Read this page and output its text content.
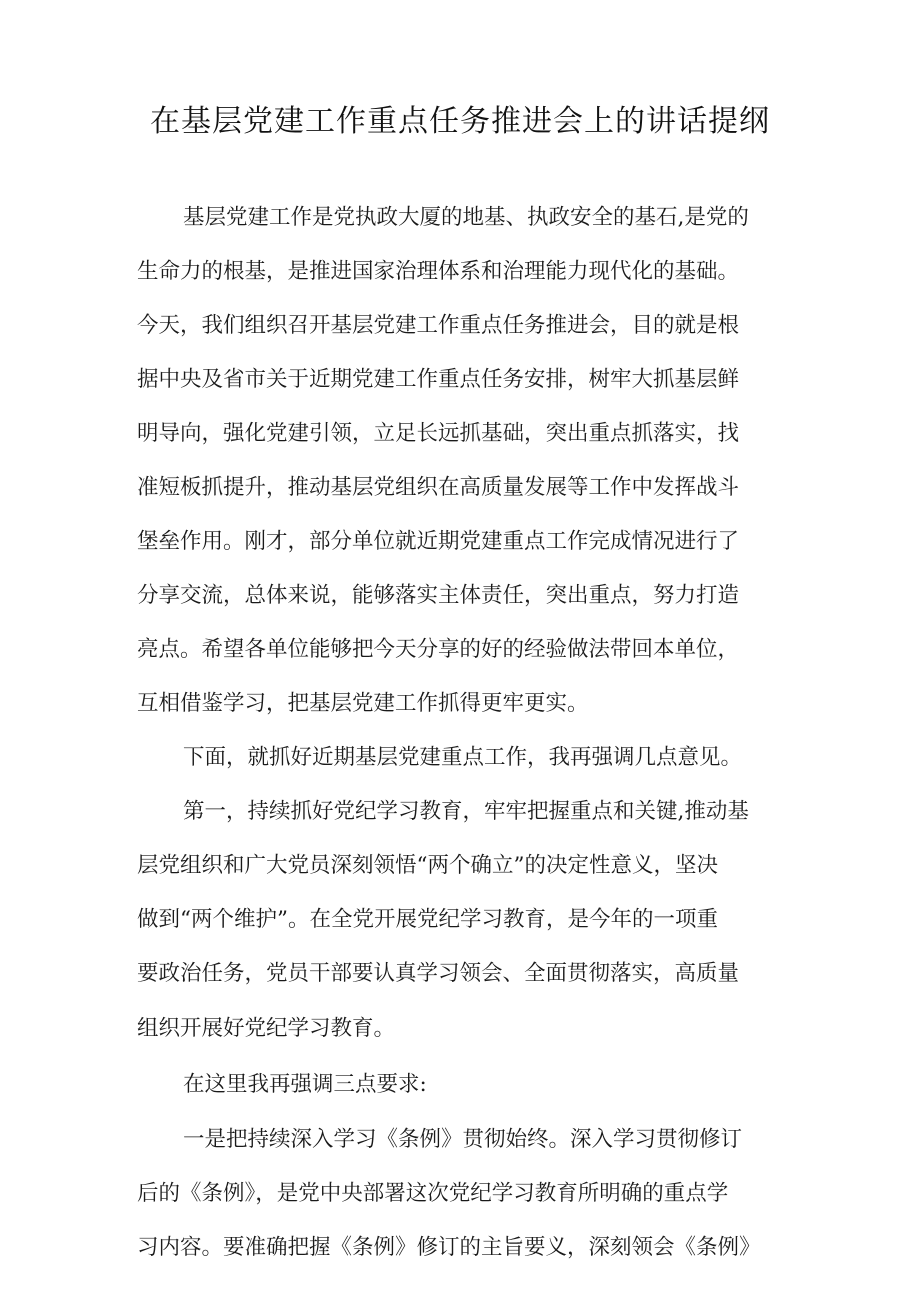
在基层党建工作重点任务推进会上的讲话提纲
基层党建工作是党执政大厦的地基、执政安全的基石,是党的
生命力的根基，是推进国家治理体系和治理能力现代化的基础。
今天，我们组织召开基层党建工作重点任务推进会，目的就是根
据中央及省市关于近期党建工作重点任务安排，树牢大抓基层鲜
明导向，强化党建引领，立足长远抓基础，突出重点抓落实，找
准短板抓提升，推动基层党组织在高质量发展等工作中发挥战斗
堡垒作用。刚才，部分单位就近期党建重点工作完成情况进行了
分享交流，总体来说，能够落实主体责任，突出重点，努力打造
亮点。希望各单位能够把今天分享的好的经验做法带回本单位，
互相借鉴学习，把基层党建工作抓得更牢更实。
下面，就抓好近期基层党建重点工作，我再强调几点意见。
第一，持续抓好党纪学习教育，牢牢把握重点和关键,推动基
层党组织和广大党员深刻领悟“两个确立”的决定性意义，坚决
做到“两个维护”。在全党开展党纪学习教育，是今年的一项重
要政治任务，党员干部要认真学习领会、全面贯彻落实，高质量
组织开展好党纪学习教育。
在这里我再强调三点要求:
一是把持续深入学习《条例》贯彻始终。深入学习贯彻修订
后的《条例》，是党中央部署这次党纪学习教育所明确的重点学
习内容。要准确把握《条例》修订的主旨要义，深刻领会《条例》
